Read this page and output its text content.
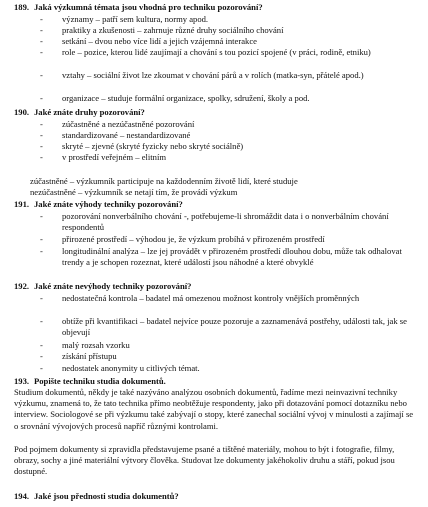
189. Jaká výzkumná témata jsou vhodná pro techniku pozorování?
- významy – patří sem kultura, normy apod.
- praktiky a zkušenosti – zahrnuje různé druhy sociálního chování
- setkání – dvou nebo více lidí a jejich vzájemná interakce
- role – pozice, kterou lidé zaujímají a chování s tou pozicí spojené (v práci, rodině, etniku)
- vztahy – sociální život lze zkoumat v chování párů a v rolích (matka-syn, přátelé apod.)
- organizace – studuje formální organizace, spolky, sdružení, školy a pod.
190. Jaké znáte druhy pozorování?
- zúčastněné a nezúčastněné pozorování
- standardizované – nestandardizované
- skryté – zjevné (skryté fyzicky nebo skryté sociálně)
- v prostředí veřejném – elitním
zúčastněné – výzkumník participuje na každodenním životě lidí, které studuje
nezúčastněné – výzkumník se netají tím, že provádí výzkum
191. Jaké znáte výhody techniky pozorování?
- pozorování nonverbálního chování -, potřebujeme-li shromáždit data i o nonverbálním chování respondentů
- přirozené prostředí – výhodou je, že výzkum probíhá v přirozeném prostředí
- longitudinální analýza – lze jej provádět v přirozeném prostředí dlouhou dobu, může tak odhalovat trendy a je schopen rozeznat, které událostí jsou náhodné a které obvyklé
192. Jaké znáte nevýhody techniky pozorování?
- nedostatečná kontrola – badatel má omezenou možnost kontroly vnějších proměnných
- obtíže při kvantifikaci – badatel nejvíce pouze pozoruje a zaznamenává postřehy, události tak, jak se objevují
- malý rozsah vzorku
- získání přístupu
- nedostatek anonymity u citlivých témat.
193. Popište techniku studia dokumentů.
Studium dokumentů, někdy je také nazýváno analýzou osobních dokumentů, řadíme mezi neinvazivní techniky výzkumu, znamená to, že tato technika přímo neobtěžuje respondenty, jako při dotazování pomocí dotazníku nebo interview. Sociologové se při výzkumu také zabývají o stopy, které zanechal sociální vývoj v minulosti a zajímají se o srovnání vývojových procesů napříč různými kontrolami.
Pod pojmem dokumenty si zpravidla představujeme psané a tištěné materiály, mohou to být i fotografie, filmy, obrazy, sochy a jiné materiální výtvory člověka. Studovat lze dokumenty jakéhokoliv druhu a stáří, pokud jsou dostupné.
194. Jaké jsou přednosti studia dokumentů?
